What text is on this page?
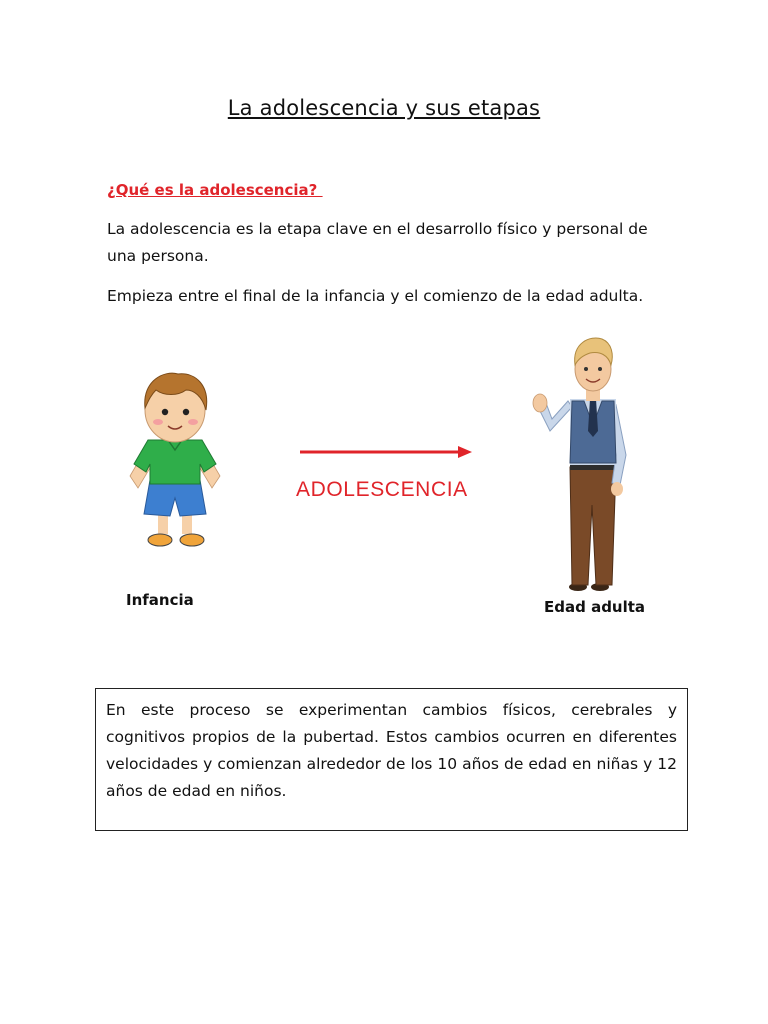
La adolescencia y sus etapas
¿Qué es la adolescencia?

La adolescencia es la etapa clave en el desarrollo físico y personal de una persona.

Empieza entre el final de la infancia y el comienzo de la edad adulta.

ADOLESCENCIA
Infancia	Edad adulta

En este proceso se experimentan cambios físicos, cerebrales y cognitivos propios de la pubertad. Estos cambios ocurren en diferentes velocidades y comienzan alrededor de los 10 años de edad en niñas y 12 años de edad en niños.
